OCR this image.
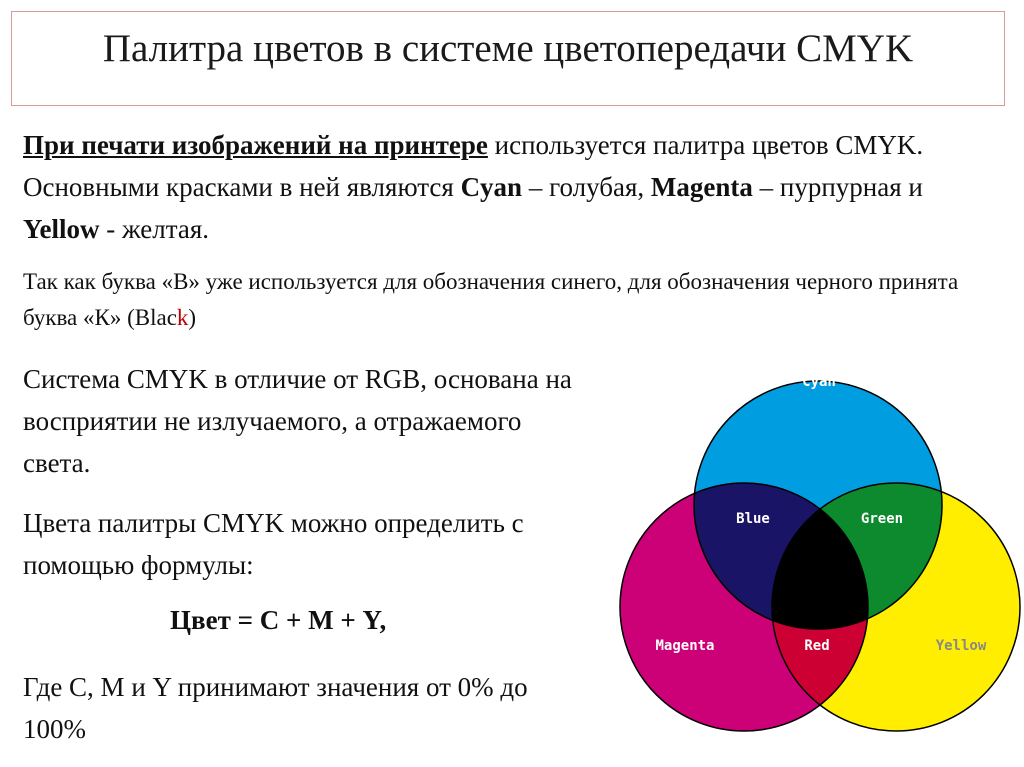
Палитра цветов в системе цветопередачи CMYK

При печати изображений на принтере используется палитра цветов CMYK. Основными красками в ней являются Cyan – голубая, Magenta – пурпурная и Yellow - желтая.

Так как буква «В» уже используется для обозначения синего, для обозначения черного принята буква «К» (Black)

Система CMYK в отличие от RGB, основана на восприятии не излучаемого, а отражаемого света.

Цвета палитры CMYK можно определить с помощью формулы:

Цвет = С + М + Y,

Где С, М и Y принимают значения от 0% до 100%

Cyan
Blue	Green
Magenta	Red	Yellow
